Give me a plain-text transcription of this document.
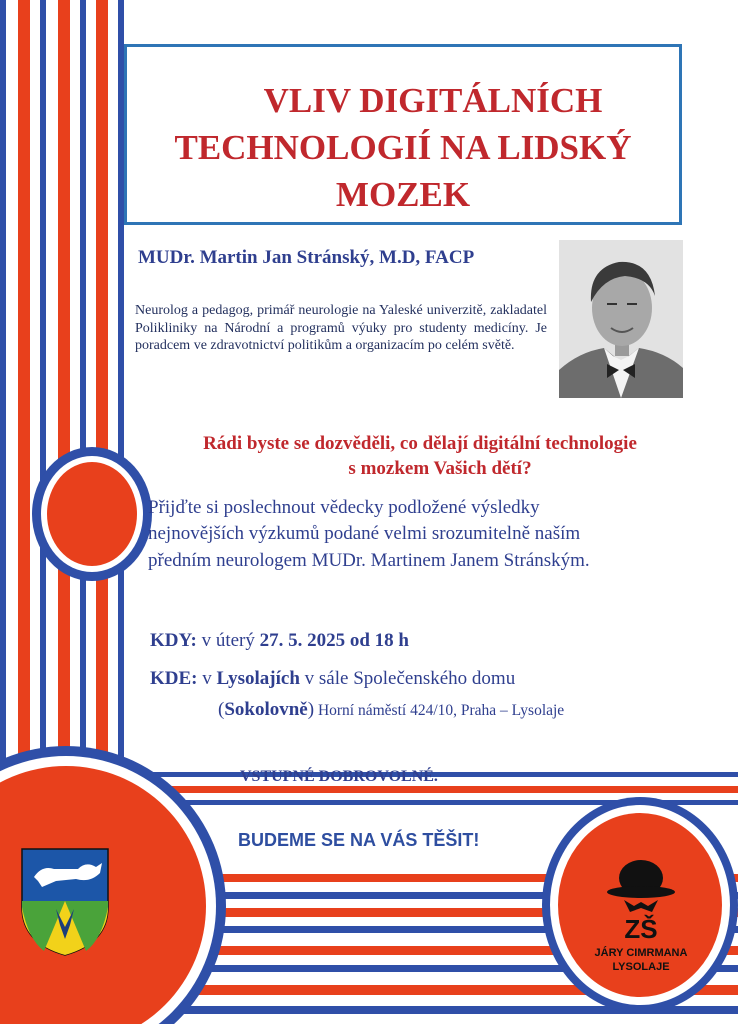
VLIV DIGITÁLNÍCH

TECHNOLOGIÍ NA LIDSKÝ

MOZEK

MUDr. Martin Jan Stránský, M.D, FACP

Neurolog a pedagog, primář neurologie na Yaleské univerzitě, zakladatel Polikliniky na Národní a programů výuky pro studenty medicíny. Je poradcem ve zdravotnictví politikům a organizacím po celém světě.

Rádi byste se dozvěděli, co dělají digitální technologie

s mozkem Vašich dětí?

Přijďte si poslechnout vědecky podložené výsledky

nejnovějších výzkumů podané velmi srozumitelně naším

předním neurologem MUDr. Martinem Janem Stránským.

KDY: v úterý 27. 5. 2025 od 18 h

KDE: v Lysolajích v sále Společenského domu

(Sokolovně) Horní náměstí 424/10, Praha – Lysolaje

VSTUPNÉ DOBROVOLNÉ.

BUDEME SE NA VÁS TĚŠIT!

ZŠ
JÁRY CIMRMANA
LYSOLAJE
